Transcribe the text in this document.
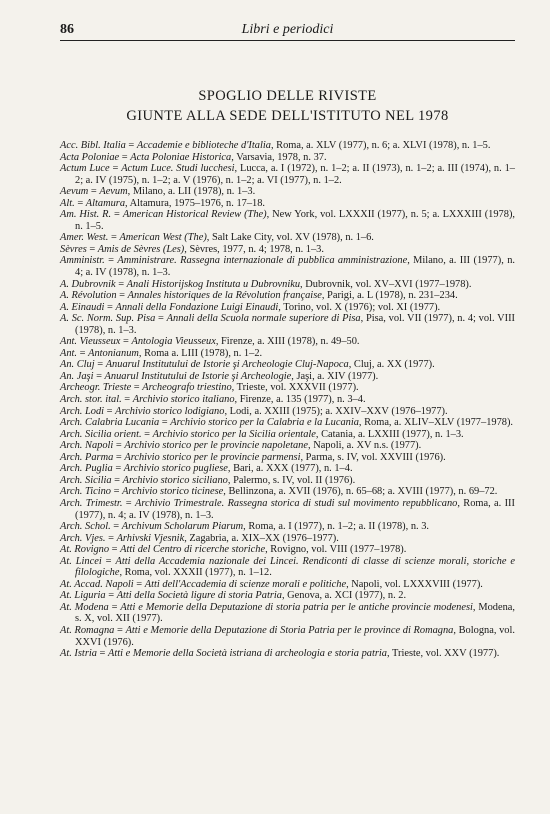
86	Libri e periodici
SPOGLIO DELLE RIVISTE
GIUNTE ALLA SEDE DELL'ISTITUTO NEL 1978

Acc. Bibl. Italia = Accademie e biblioteche d'Italia, Roma, a. XLV (1977), n. 6; a. XLVI (1978), n. 1–5.

Acta Poloniae = Acta Poloniae Historica, Varsavia, 1978, n. 37.

Actum Luce = Actum Luce. Studi lucchesi, Lucca, a. I (1972), n. 1–2; a. II (1973), n. 1–2; a. III (1974), n. 1–2; a. IV (1975), n. 1–2; a. V (1976), n. 1–2; a. VI (1977), n. 1–2.

Aevum = Aevum, Milano, a. LII (1978), n. 1–3.

Alt. = Altamura, Altamura, 1975–1976, n. 17–18.

Am. Hist. R. = American Historical Review (The), New York, vol. LXXXII (1977), n. 5; a. LXXXIII (1978), n. 1–5.

Amer. West. = American West (The), Salt Lake City, vol. XV (1978), n. 1–6.

Sèvres = Amis de Sèvres (Les), Sèvres, 1977, n. 4; 1978, n. 1–3.

Amministr. = Amministrare. Rassegna internazionale di pubblica amministrazione, Milano, a. III (1977), n. 4; a. IV (1978), n. 1–3.

A. Dubrovnik = Anali Historijskog Instituta u Dubrovniku, Dubrovnik, vol. XV–XVI (1977–1978).

A. Révolution = Annales historiques de la Révolution française, Parigi, a. L (1978), n. 231–234.

A. Einaudi = Annali della Fondazione Luigi Einaudi, Torino, vol. X (1976); vol. XI (1977).

A. Sc. Norm. Sup. Pisa = Annali della Scuola normale superiore di Pisa, Pisa, vol. VII (1977), n. 4; vol. VIII (1978), n. 1–3.

Ant. Vieusseux = Antologia Vieusseux, Firenze, a. XIII (1978), n. 49–50.

Ant. = Antonianum, Roma a. LIII (1978), n. 1–2.

An. Cluj = Anuarul Institutului de Istorie şi Archeologie Cluj-Napoca, Cluj, a. XX (1977).

An. Jaşi = Anuarul Institutului de Istorie şi Archeologie, Jaşi, a. XIV (1977).

Archeogr. Trieste = Archeografo triestino, Trieste, vol. XXXVII (1977).

Arch. stor. ital. = Archivio storico italiano, Firenze, a. 135 (1977), n. 3–4.

Arch. Lodi = Archivio storico lodigiano, Lodi, a. XXIII (1975); a. XXIV–XXV (1976–1977).

Arch. Calabria Lucania = Archivio storico per la Calabria e la Lucania, Roma, a. XLIV–XLV (1977–1978).

Arch. Sicilia orient. = Archivio storico per la Sicilia orientale, Catania, a. LXXIII (1977), n. 1–3.

Arch. Napoli = Archivio storico per le provincie napoletane, Napoli, a. XV n.s. (1977).

Arch. Parma = Archivio storico per le provincie parmensi, Parma, s. IV, vol. XXVIII (1976).

Arch. Puglia = Archivio storico pugliese, Bari, a. XXX (1977), n. 1–4.

Arch. Sicilia = Archivio storico siciliano, Palermo, s. IV, vol. II (1976).

Arch. Ticino = Archivio storico ticinese, Bellinzona, a. XVII (1976), n. 65–68; a. XVIII (1977), n. 69–72.

Arch. Trimestr. = Archivio Trimestrale. Rassegna storica di studi sul movimento repubblicano, Roma, a. III (1977), n. 4; a. IV (1978), n. 1–3.

Arch. Schol. = Archivum Scholarum Piarum, Roma, a. I (1977), n. 1–2; a. II (1978), n. 3.

Arch. Vjes. = Arhivski Vjesnik, Zagabria, a. XIX–XX (1976–1977).

At. Rovigno = Atti del Centro di ricerche storiche, Rovigno, vol. VIII (1977–1978).

At. Lincei = Atti della Accademia nazionale dei Lincei. Rendiconti di classe di scienze morali, storiche e filologiche, Roma, vol. XXXII (1977), n. 1–12.

At. Accad. Napoli = Atti dell'Accademia di scienze morali e politiche, Napoli, vol. LXXXVIII (1977).

At. Liguria = Atti della Società ligure di storia Patria, Genova, a. XCI (1977), n. 2.

At. Modena = Atti e Memorie della Deputazione di storia patria per le antiche provincie modenesi, Modena, s. X, vol. XII (1977).

At. Romagna = Atti e Memorie della Deputazione di Storia Patria per le province di Romagna, Bologna, vol. XXVI (1976).

At. Istria = Atti e Memorie della Società istriana di archeologia e storia patria, Trieste, vol. XXV (1977).
